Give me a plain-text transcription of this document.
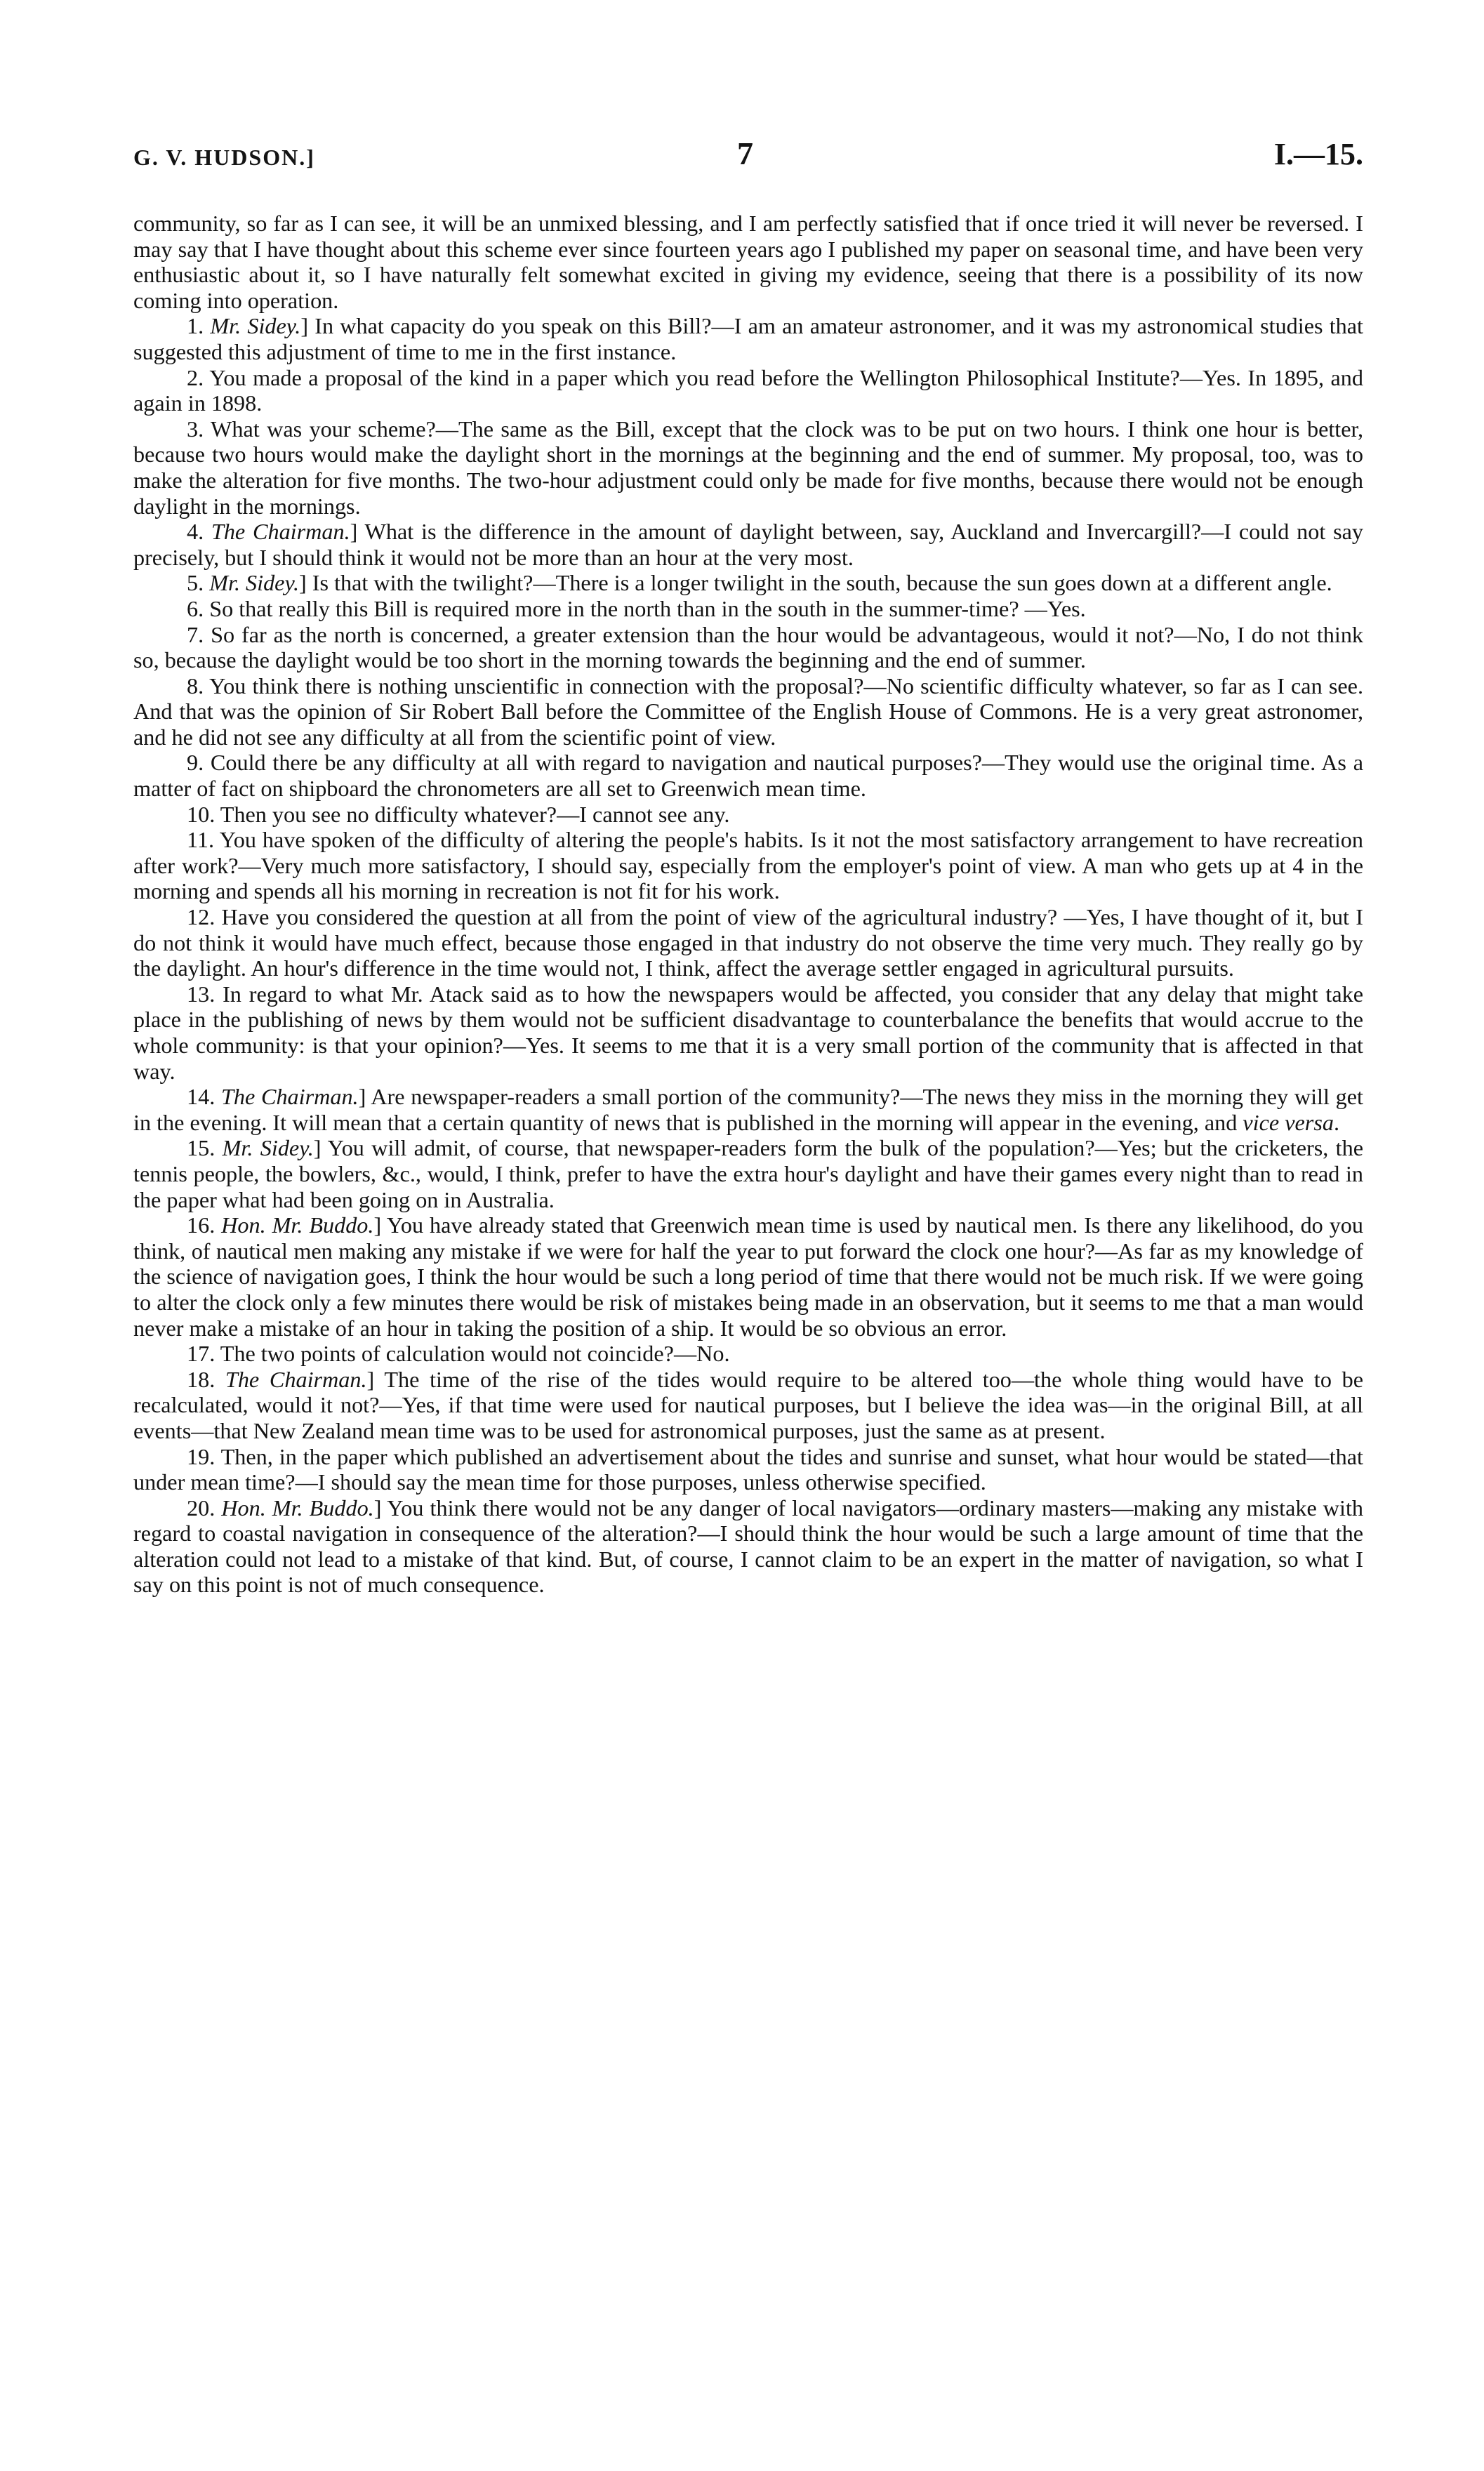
G. V. HUDSON.]	7	I.—15.

community, so far as I can see, it will be an unmixed blessing, and I am perfectly satisfied that if once tried it will never be reversed. I may say that I have thought about this scheme ever since fourteen years ago I published my paper on seasonal time, and have been very enthusiastic about it, so I have naturally felt somewhat excited in giving my evidence, seeing that there is a possibility of its now coming into operation.

1. Mr. Sidey.] In what capacity do you speak on this Bill?—I am an amateur astronomer, and it was my astronomical studies that suggested this adjustment of time to me in the first instance.

2. You made a proposal of the kind in a paper which you read before the Wellington Philosophical Institute?—Yes. In 1895, and again in 1898.

3. What was your scheme?—The same as the Bill, except that the clock was to be put on two hours. I think one hour is better, because two hours would make the daylight short in the mornings at the beginning and the end of summer. My proposal, too, was to make the alteration for five months. The two-hour adjustment could only be made for five months, because there would not be enough daylight in the mornings.

4. The Chairman.] What is the difference in the amount of daylight between, say, Auckland and Invercargill?—I could not say precisely, but I should think it would not be more than an hour at the very most.

5. Mr. Sidey.] Is that with the twilight?—There is a longer twilight in the south, because the sun goes down at a different angle.

6. So that really this Bill is required more in the north than in the south in the summer-time? —Yes.

7. So far as the north is concerned, a greater extension than the hour would be advantageous, would it not?—No, I do not think so, because the daylight would be too short in the morning towards the beginning and the end of summer.

8. You think there is nothing unscientific in connection with the proposal?—No scientific difficulty whatever, so far as I can see. And that was the opinion of Sir Robert Ball before the Committee of the English House of Commons. He is a very great astronomer, and he did not see any difficulty at all from the scientific point of view.

9. Could there be any difficulty at all with regard to navigation and nautical purposes?—They would use the original time. As a matter of fact on shipboard the chronometers are all set to Greenwich mean time.

10. Then you see no difficulty whatever?—I cannot see any.

11. You have spoken of the difficulty of altering the people's habits. Is it not the most satisfactory arrangement to have recreation after work?—Very much more satisfactory, I should say, especially from the employer's point of view. A man who gets up at 4 in the morning and spends all his morning in recreation is not fit for his work.

12. Have you considered the question at all from the point of view of the agricultural industry? —Yes, I have thought of it, but I do not think it would have much effect, because those engaged in that industry do not observe the time very much. They really go by the daylight. An hour's difference in the time would not, I think, affect the average settler engaged in agricultural pursuits.

13. In regard to what Mr. Atack said as to how the newspapers would be affected, you consider that any delay that might take place in the publishing of news by them would not be sufficient disadvantage to counterbalance the benefits that would accrue to the whole community: is that your opinion?—Yes. It seems to me that it is a very small portion of the community that is affected in that way.

14. The Chairman.] Are newspaper-readers a small portion of the community?—The news they miss in the morning they will get in the evening. It will mean that a certain quantity of news that is published in the morning will appear in the evening, and vice versa.

15. Mr. Sidey.] You will admit, of course, that newspaper-readers form the bulk of the population?—Yes; but the cricketers, the tennis people, the bowlers, &c., would, I think, prefer to have the extra hour's daylight and have their games every night than to read in the paper what had been going on in Australia.

16. Hon. Mr. Buddo.] You have already stated that Greenwich mean time is used by nautical men. Is there any likelihood, do you think, of nautical men making any mistake if we were for half the year to put forward the clock one hour?—As far as my knowledge of the science of navigation goes, I think the hour would be such a long period of time that there would not be much risk. If we were going to alter the clock only a few minutes there would be risk of mistakes being made in an observation, but it seems to me that a man would never make a mistake of an hour in taking the position of a ship. It would be so obvious an error.

17. The two points of calculation would not coincide?—No.

18. The Chairman.] The time of the rise of the tides would require to be altered too—the whole thing would have to be recalculated, would it not?—Yes, if that time were used for nautical purposes, but I believe the idea was—in the original Bill, at all events—that New Zealand mean time was to be used for astronomical purposes, just the same as at present.

19. Then, in the paper which published an advertisement about the tides and sunrise and sunset, what hour would be stated—that under mean time?—I should say the mean time for those purposes, unless otherwise specified.

20. Hon. Mr. Buddo.] You think there would not be any danger of local navigators—ordinary masters—making any mistake with regard to coastal navigation in consequence of the alteration?—I should think the hour would be such a large amount of time that the alteration could not lead to a mistake of that kind. But, of course, I cannot claim to be an expert in the matter of navigation, so what I say on this point is not of much consequence.
